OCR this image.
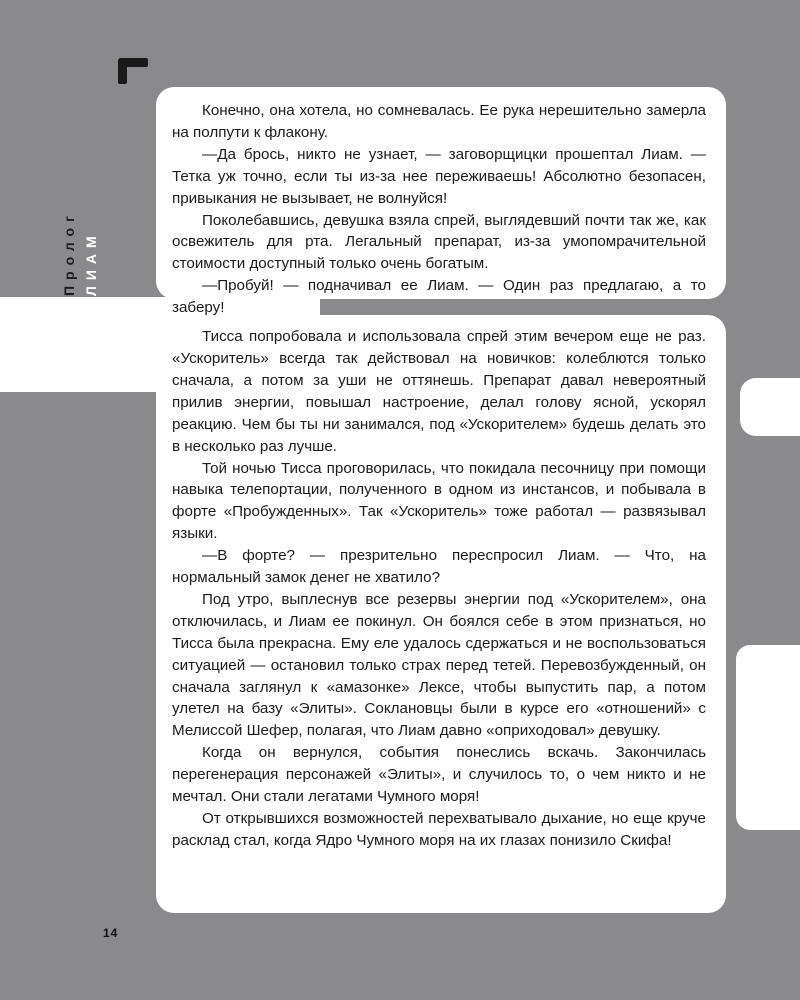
Пролог ЛИАМ

Конечно, она хотела, но сомневалась. Ее рука нерешительно замерла на полпути к флакону.

—Да брось, никто не узнает, — заговорщицки прошептал Лиам. — Тетка уж точно, если ты из-за нее переживаешь! Абсолютно безопасен, привыкания не вызывает, не волнуйся!

Поколебавшись, девушка взяла спрей, выглядевший почти так же, как освежитель для рта. Легальный препарат, из-за умопомрачительной стоимости доступный только очень богатым.

—Пробуй! — подначивал ее Лиам. — Один раз предлагаю, а то заберу!

Тисса попробовала и использовала спрей этим вечером еще не раз. «Ускоритель» всегда так действовал на новичков: колеблются только сначала, а потом за уши не оттянешь. Препарат давал невероятный прилив энергии, повышал настроение, делал голову ясной, ускорял реакцию. Чем бы ты ни занимался, под «Ускорителем» будешь делать это в несколько раз лучше.

Той ночью Тисса проговорилась, что покидала песочницу при помощи навыка телепортации, полученного в одном из инстансов, и побывала в форте «Пробужденных». Так «Ускоритель» тоже работал — развязывал языки.

—В форте? — презрительно переспросил Лиам. — Что, на нормальный замок денег не хватило?

Под утро, выплеснув все резервы энергии под «Ускорителем», она отключилась, и Лиам ее покинул. Он боялся себе в этом признаться, но Тисса была прекрасна. Ему еле удалось сдержаться и не воспользоваться ситуацией — остановил только страх перед тетей. Перевозбужденный, он сначала заглянул к «амазонке» Лексе, чтобы выпустить пар, а потом улетел на базу «Элиты». Сокланoвцы были в курсе его «отношений» с Мелиссой Шефер, полагая, что Лиам давно «оприходовал» девушку.

Когда он вернулся, события понеслись вскачь. Закончилась перегенерация персонажей «Элиты», и случилось то, о чем никто и не мечтал. Они стали легатами Чумного моря!

От открывшихся возможностей перехватывало дыхание, но еще круче расклад стал, когда Ядро Чумного моря на их глазах понизило Скифа!

14
